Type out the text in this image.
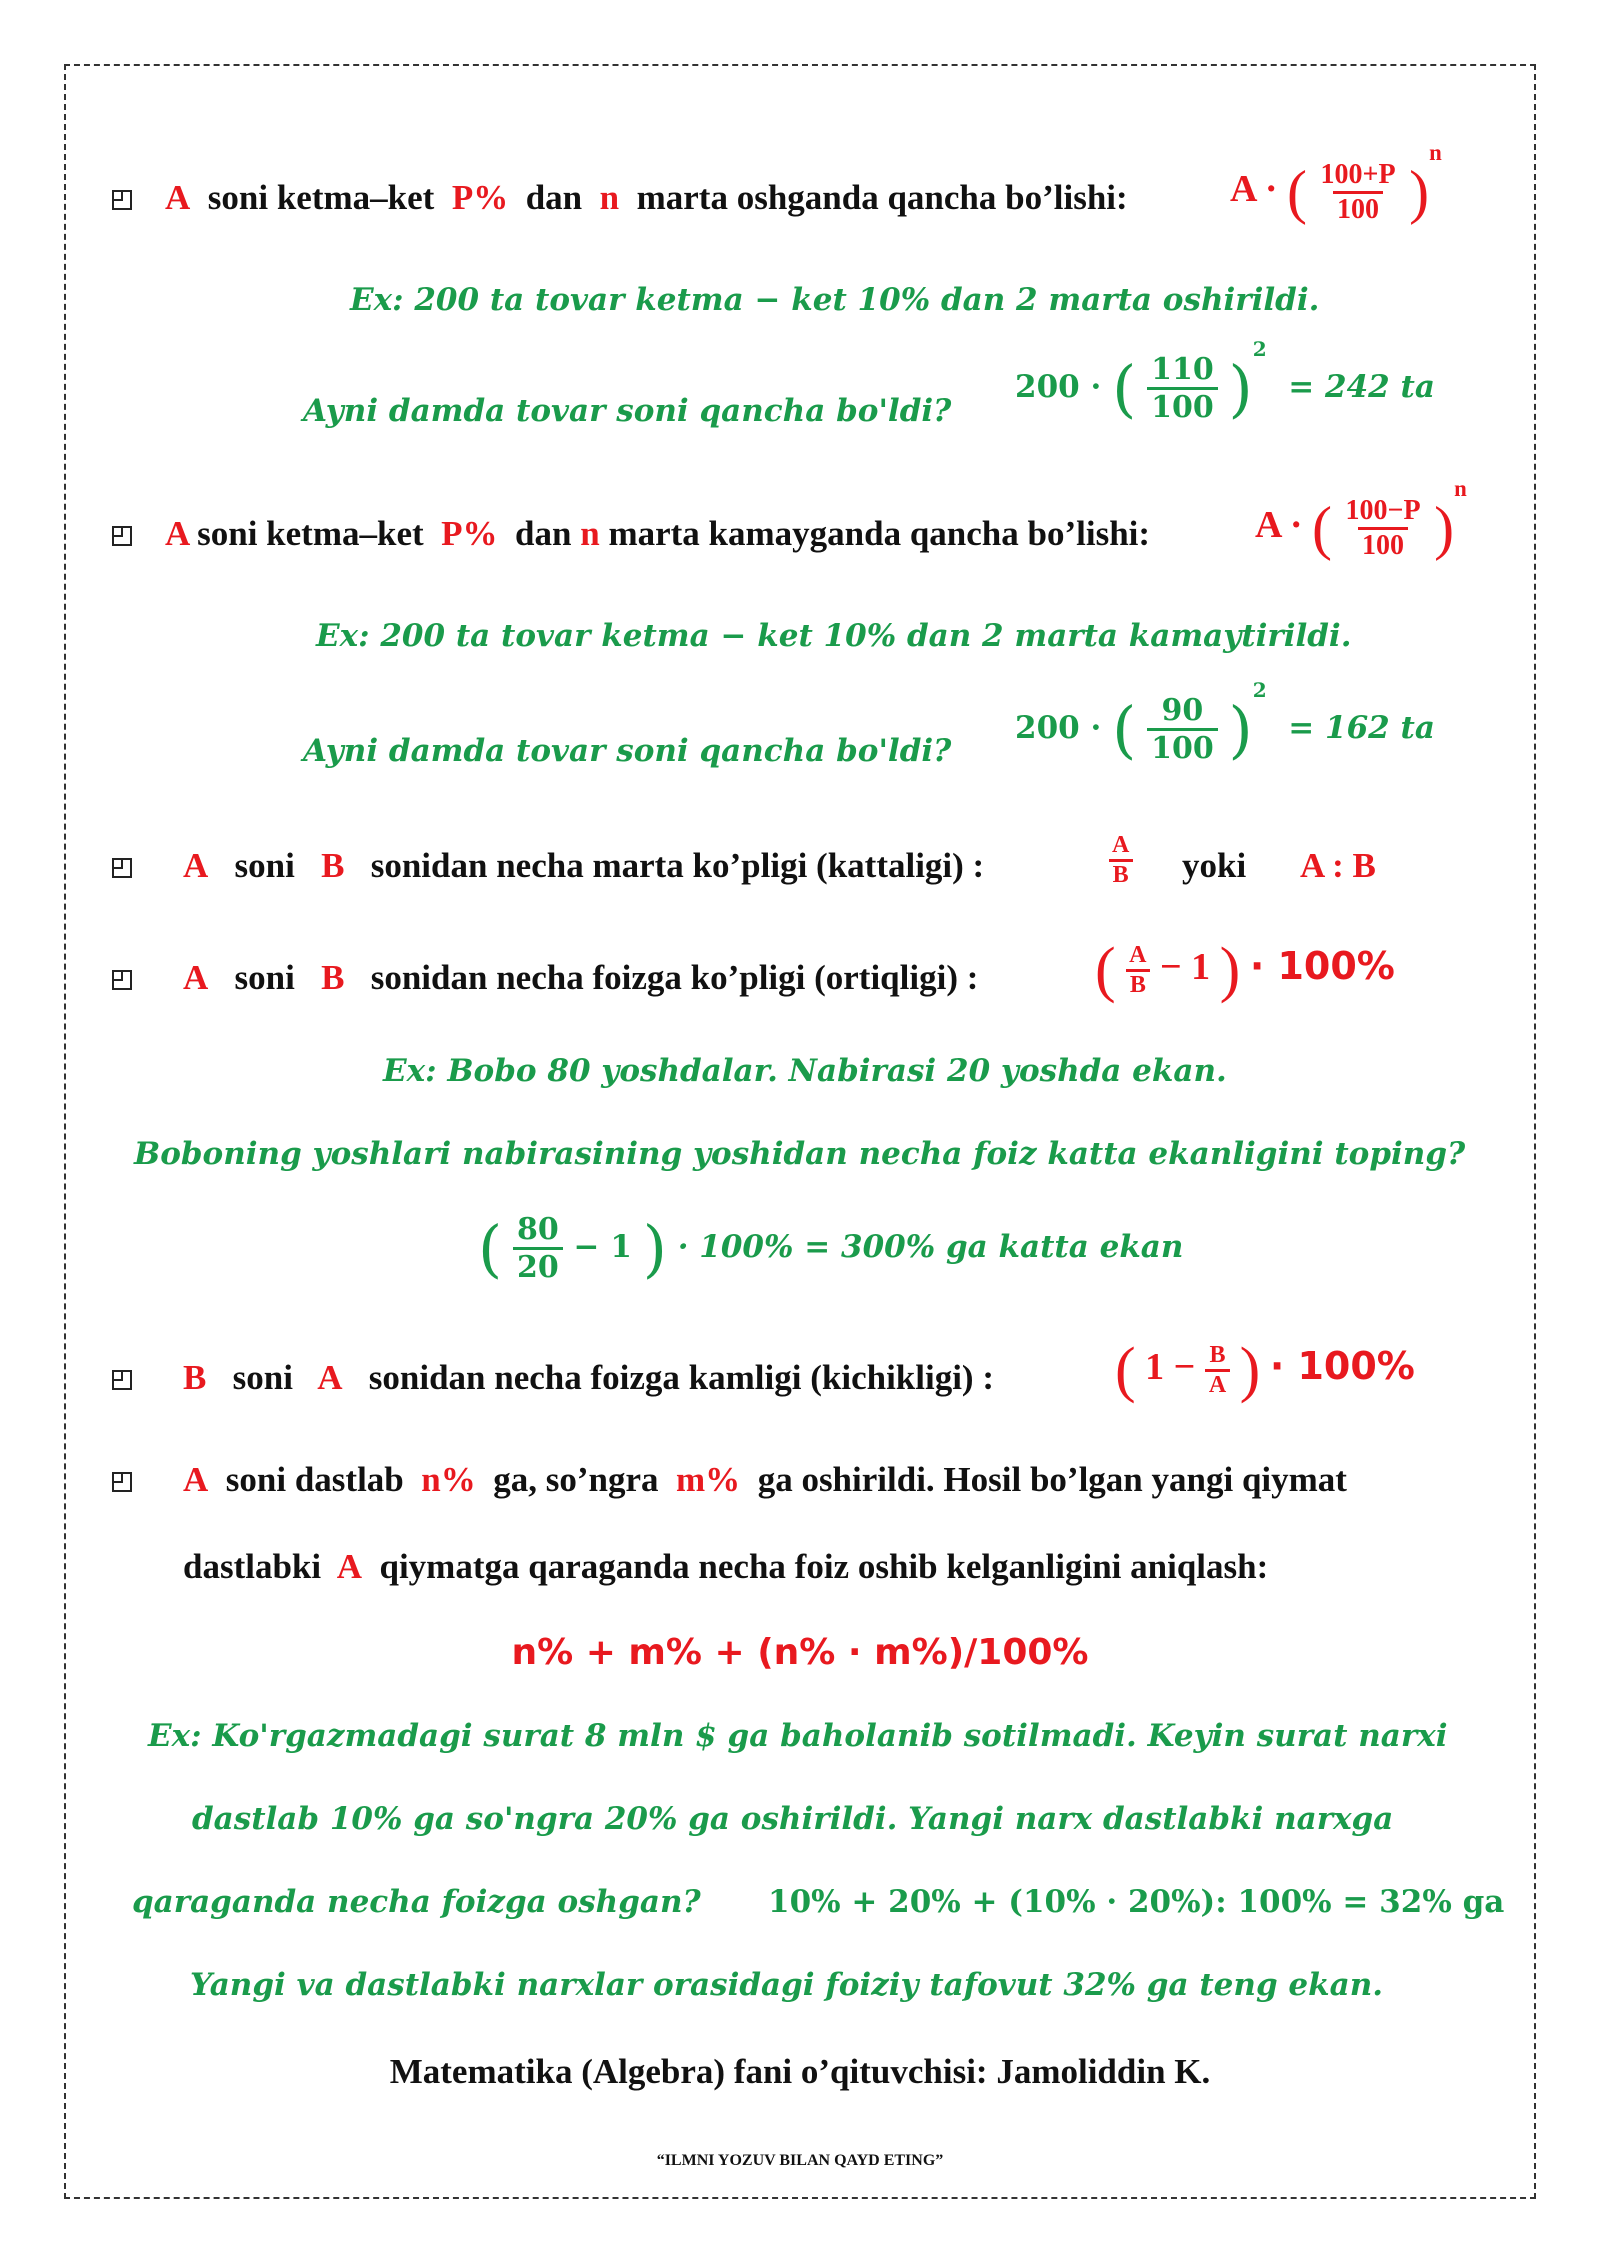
A soni ketma–ket P% dan n marta oshganda qancha bo’lishi:	A · ( $\frac{100+P}{100} )^n$
Ex: 200 ta tovar ketma − ket 10% dan 2 marta oshirildi.
Ayni damda tovar soni qancha bo'ldi?
200 · ( $\frac{110}{100} )^2 = 242$ ta
A soni ketma–ket P% dan n marta kamayganda qancha bo’lishi:	A · ( $\frac{100-P}{100} )^n$
Ex: 200 ta tovar ketma − ket 10% dan 2 marta kamaytirildi.
Ayni damda tovar soni qancha bo'ldi?
200 · ( $\frac{90}{100} )^2 = 162$ ta
A soni B sonidan necha marta ko’pligi (kattaligi) :	$\frac{A}{B}$ yoki A : B
A soni B sonidan necha foizga ko’pligi (ortiqligi) : ( $\frac{A}{B} - 1$ ) · 100%
Ex: Bobo 80 yoshdalar. Nabirasi 20 yoshda ekan.
Boboning yoshlari nabirasining yoshidan necha foiz katta ekanligini toping?
( $\frac{80}{20} - 1$ ) · 100% = 300% ga katta ekan
B soni A sonidan necha foizga kamligi (kichikligi) : ( $1 - \frac{B}{A}$ ) · 100%
A soni dastlab n% ga, so’ngra m% ga oshirildi. Hosil bo’lgan yangi qiymat
dastlabki A qiymatga qaraganda necha foiz oshib kelganligini aniqlash:
n% + m% + (n% · m%)/100%
Ex: Ko'rgazmadagi surat 8 mln $ ga baholanib sotilmadi. Keyin surat narxi
dastlab 10% ga so'ngra 20% ga oshirildi. Yangi narx dastlabki narxga
qaraganda necha foizga oshgan? 10% + 20% + (10% · 20%): 100% = 32% ga
Yangi va dastlabki narxlar orasidagi foiziy tafovut 32% ga teng ekan.
Matematika (Algebra) fani o’qituvchisi: Jamoliddin K.
“ILMNI YOZUV BILAN QAYD ETING”
